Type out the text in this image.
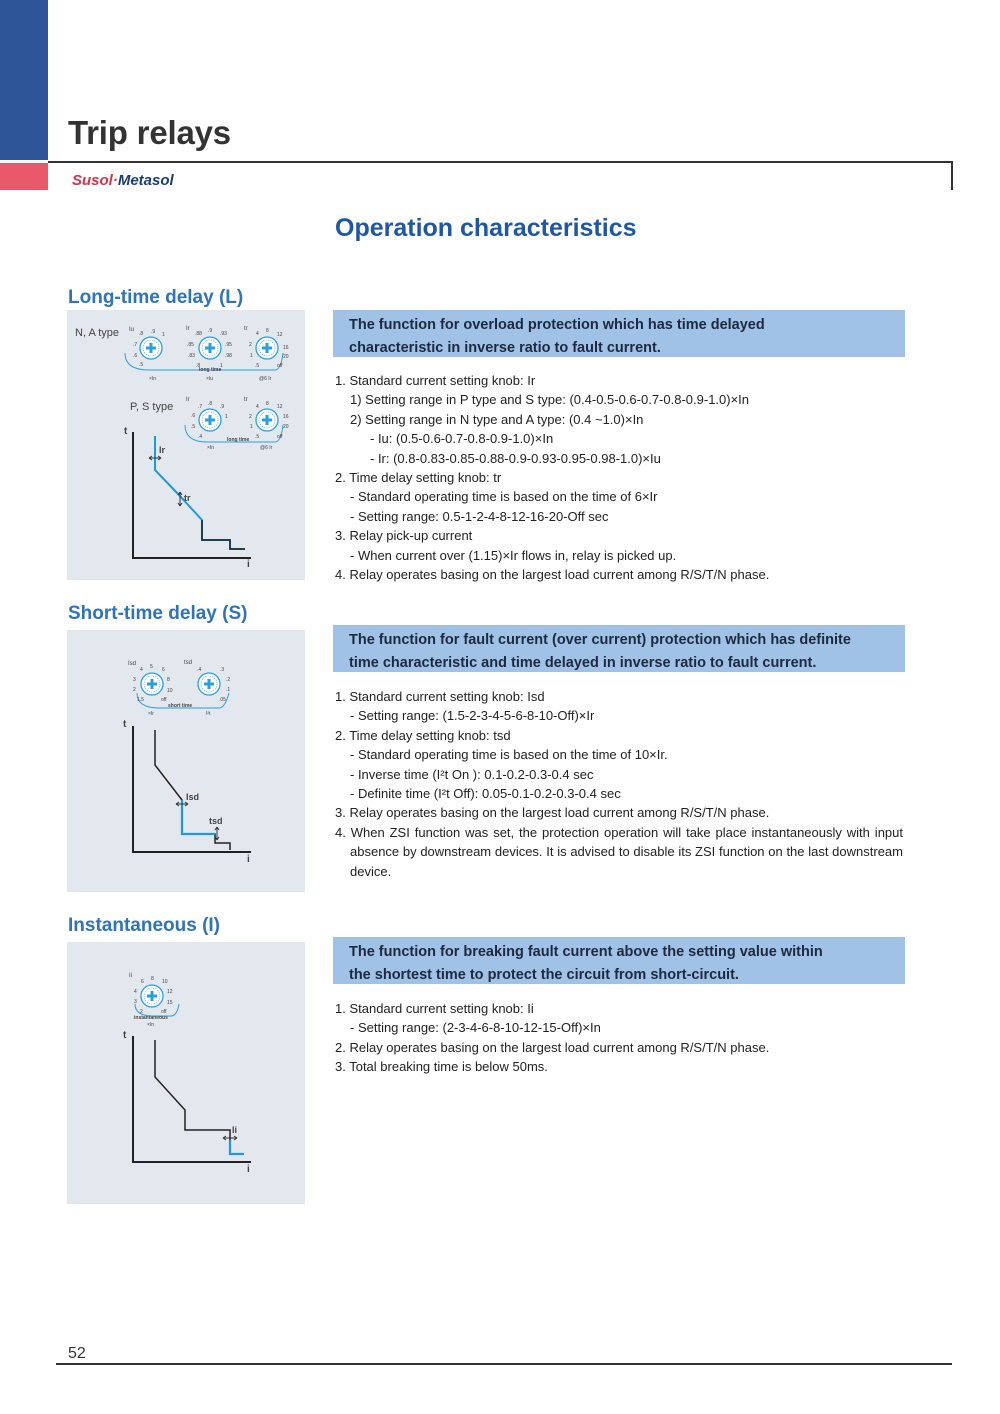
Trip relays
Susol·Metasol
Operation characteristics
Long-time delay (L)
N, A type Iu	Ir	tr
.8 .9 1
.7
.6
.5
.88 .9 .93
.85	.95
.83	.98
.8	1
4 8
12
2	16
1	20
.5	off
long time
×In	×Iu	@6 Ir
P, S type
Ir	tr
.7 .8 .9
.6	1
.5
.4
4 8 12
2	16
1	20
.5	off
long time
×In	@6 Ir
t
i
Ir
tr
The function for overload protection which has time delayed
characteristic in inverse ratio to fault current.
1. Standard current setting knob: Ir
1) Setting range in P type and S type: (0.4-0.5-0.6-0.7-0.8-0.9-1.0)×In
2) Setting range in N type and A type: (0.4 ~1.0)×In
- Iu: (0.5-0.6-0.7-0.8-0.9-1.0)×In
- Ir: (0.8-0.83-0.85-0.88-0.9-0.93-0.95-0.98-1.0)×Iu
2. Time delay setting knob: tr
- Standard operating time is based on the time of 6×Ir
- Setting range: 0.5-1-2-4-8-12-16-20-Off sec
3. Relay pick-up current
- When current over (1.15)×Ir flows in, relay is picked up.
4. Relay operates basing on the largest load current among R/S/T/N phase.
Short-time delay (S)
Isd	tsd
4 5 6
3	8
2	10
1.5	off
.4	.3
.2
.1
.05
short time
×Ir	I²t
t
i
Isd
tsd
The function for fault current (over current) protection which has definite
time characteristic and time delayed in inverse ratio to fault current.
1. Standard current setting knob: Isd
- Setting range: (1.5-2-3-4-5-6-8-10-Off)×Ir
2. Time delay setting knob: tsd
- Standard operating time is based on the time of 10×Ir.
- Inverse time (I²t On ): 0.1-0.2-0.3-0.4 sec
- Definite time (I²t Off): 0.05-0.1-0.2-0.3-0.4 sec
3. Relay operates basing on the largest load current among R/S/T/N phase.
4. When ZSI function was set, the protection operation will take place instantaneously with input absence by downstream devices. It is advised to disable its ZSI function on the last downstream device.
Instantaneous (I)
Ii
6 8 10
4	12
3	15
2	off
instantaneous
×In
t
i
Ii
The function for breaking fault current above the setting value within
the shortest time to protect the circuit from short-circuit.
1. Standard current setting knob: Ii
- Setting range: (2-3-4-6-8-10-12-15-Off)×In
2. Relay operates basing on the largest load current among R/S/T/N phase.
3. Total breaking time is below 50ms.
52
